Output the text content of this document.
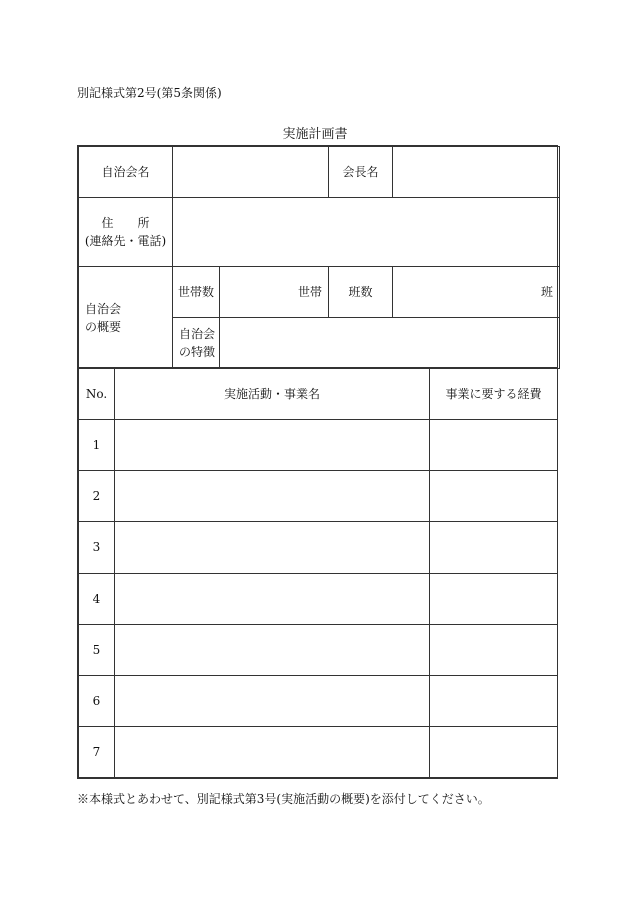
別記様式第2号(第5条関係)
実施計画書
自治会名			会長名	
住　　所
(連絡先・電話)				
自治会
の概要	世帯数	世帯	班数	班
	自治会
の特徴			
No.	実施活動・事業名	事業に要する経費
1		
2		
3		
4		
5		
6		
7		
※本様式とあわせて、別記様式第3号(実施活動の概要)を添付してください。
